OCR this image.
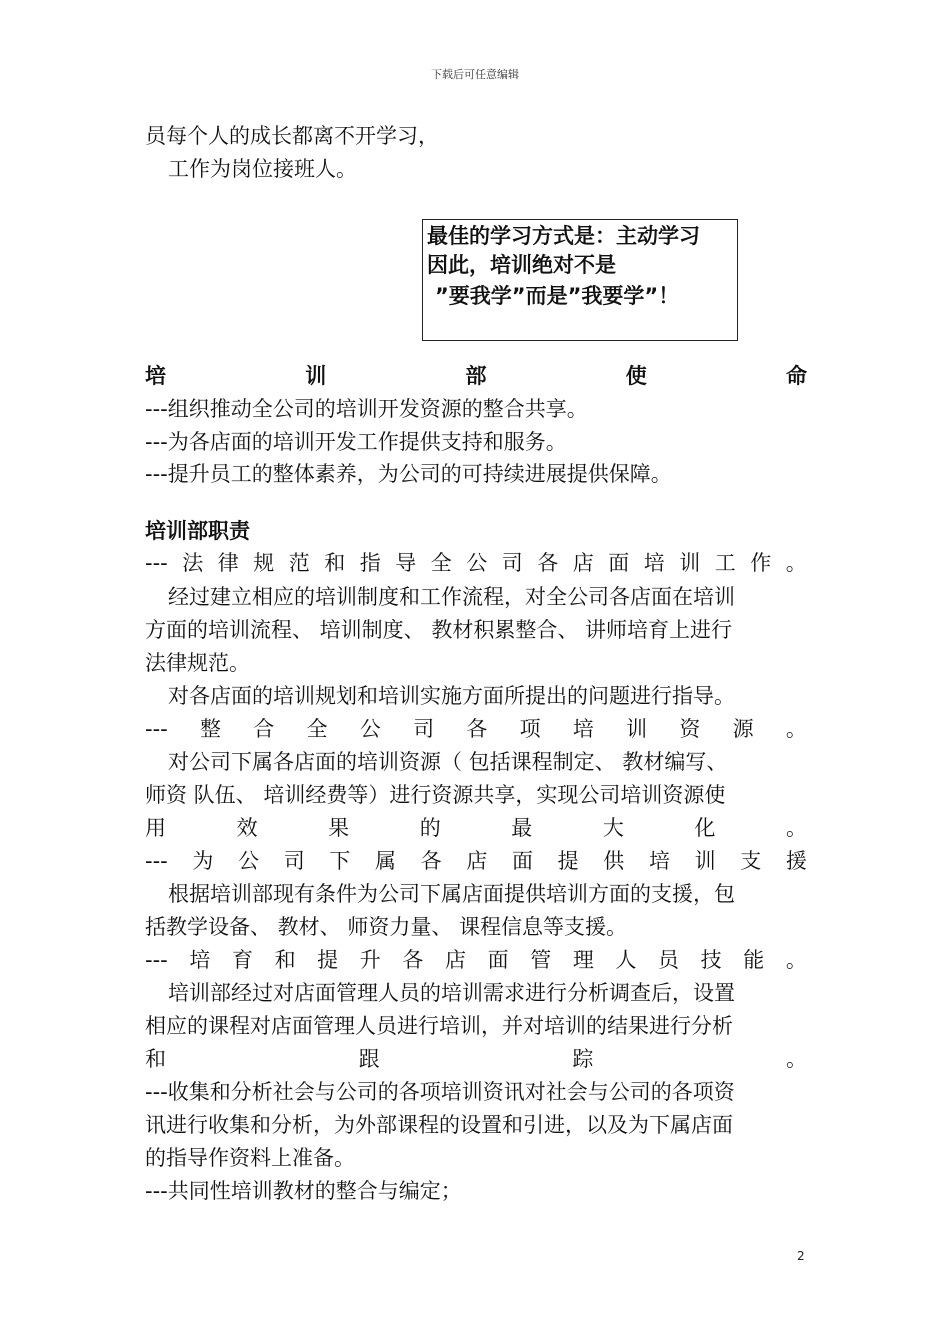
下载后可任意编辑
员每个人的成长都离不开学习，
工作为岗位接班人。
最佳的学习方式是：主动学习
因此，培训绝对不是
”要我学”而是”我要学”！
培	训	部	使	命
---组织推动全公司的培训开发资源的整合共享。
---为各店面的培训开发工作提供支持和服务。
---提升员工的整体素养，为公司的可持续进展提供保障。
培训部职责
--- 法 律 规 范 和 指 导 全 公 司 各 店 面 培 训 工 作 。
经过建立相应的培训制度和工作流程，对全公司各店面在培训
方面的培训流程、 培训制度、 教材积累整合、 讲师培育上进行
法律规范。
对各店面的培训规划和培训实施方面所提出的问题进行指导。
--- 整 合 全 公 司 各 项 培 训 资 源 。
对公司下属各店面的培训资源（ 包括课程制定、 教材编写、
师资 队伍、 培训经费等）进行资源共享，实现公司培训资源使
用	效	果	的	最	大	化	。
--- 为 公 司 下 属 各 店 面 提 供 培 训 支 援
根据培训部现有条件为公司下属店面提供培训方面的支援，包
括教学设备、 教材、 师资力量、 课程信息等支援。
--- 培 育 和 提 升 各 店 面 管 理 人 员 技 能 。
培训部经过对店面管理人员的培训需求进行分析调查后，设置
相应的课程对店面管理人员进行培训，并对培训的结果进行分析
和	跟	踪	。
---收集和分析社会与公司的各项培训资讯对社会与公司的各项资
讯进行收集和分析，为外部课程的设置和引进，以及为下属店面
的指导作资料上准备。
---共同性培训教材的整合与编定；
2
